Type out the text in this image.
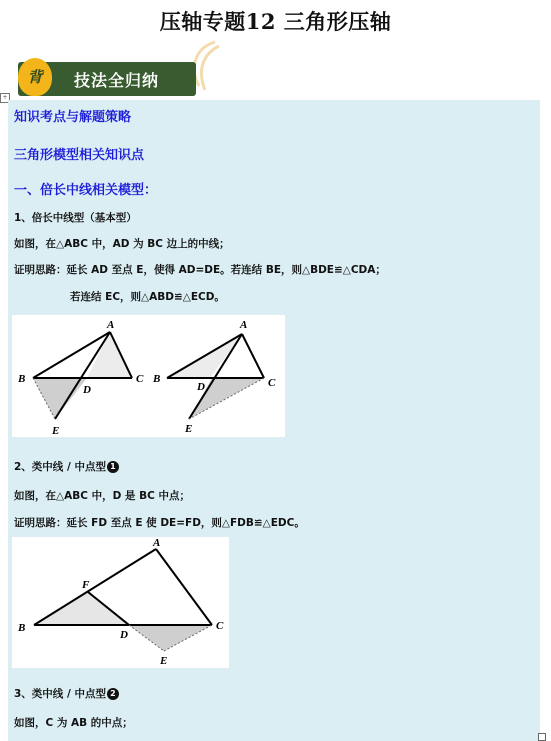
压轴专题12 三角形压轴
背	技法全归纳
+
知识考点与解题策略
三角形模型相关知识点
一、倍长中线相关模型：
1、倍长中线型（基本型）
如图，在△ABC 中，AD 为 BC 边上的中线；
证明思路：延长 AD 至点 E，使得 AD=DE。若连结 BE，则△BDE≌△CDA；
若连结 EC，则△ABD≌△ECD。
A
B	C
D
E
A
B	C
D
E
2、类中线 / 中点型 1
如图，在△ABC 中，D 是 BC 中点；
证明思路：延长 FD 至点 E 使 DE=FD，则△FDB≌△EDC。
A
B	C
D
E
F
3、类中线 / 中点型 2
如图，C 为 AB 的中点；
